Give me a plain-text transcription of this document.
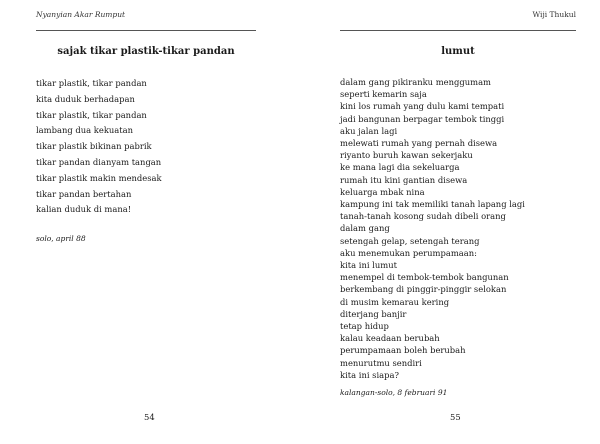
Nyanyian Akar Rumput
sajak tikar plastik-tikar pandan
tikar plastik, tikar pandan
kita duduk berhadapan
tikar plastik, tikar pandan
lambang dua kekuatan
tikar plastik bikinan pabrik
tikar pandan dianyam tangan
tikar plastik makin mendesak
tikar pandan bertahan
kalian duduk di mana!
solo, april 88
54
Wiji Thukul
lumut
dalam gang pikiranku menggumam
seperti kemarin saja
kini los rumah yang dulu kami tempati
jadi bangunan berpagar tembok tinggi
aku jalan lagi
melewati rumah yang pernah disewa
riyanto buruh kawan sekerjaku
ke mana lagi dia sekeluarga
rumah itu kini gantian disewa
keluarga mbak nina
kampung ini tak memiliki tanah lapang lagi
tanah-tanah kosong sudah dibeli orang
dalam gang
setengah gelap, setengah terang
aku menemukan perumpamaan:
kita ini lumut
menempel di tembok-tembok bangunan
berkembang di pinggir-pinggir selokan
di musim kemarau kering
diterjang banjir
tetap hidup
kalau keadaan berubah
perumpamaan boleh berubah
menurutmu sendiri
kita ini siapa?
kalangan-solo, 8 februari 91
55
